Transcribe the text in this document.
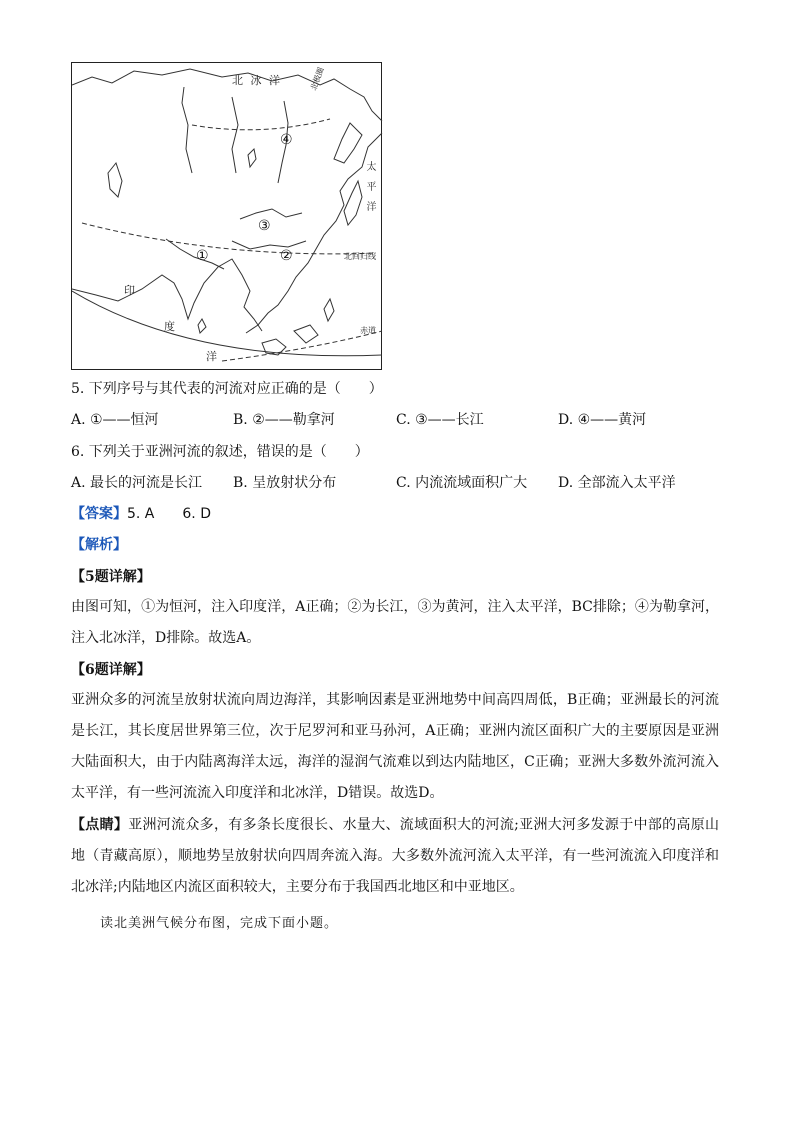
北 冰 洋	北极圈
太平洋
北回归线
印
度
洋
赤道
①	②
③
④
5. 下列序号与其代表的河流对应正确的是（　　）
A. ①——恒河	B. ②——勒拿河	C. ③——长江	D. ④——黄河
6. 下列关于亚洲河流的叙述，错误的是（　　）
A. 最长的河流是长江 B. 呈放射状分布	C. 内流流域面积广大 D. 全部流入太平洋
【答案】5. A　　6. D
【解析】
【5题详解】
由图可知，①为恒河，注入印度洋，A正确；②为长江，③为黄河，注入太平洋，BC排除；④为勒拿河，注入北冰洋，D排除。故选A。
【6题详解】
亚洲众多的河流呈放射状流向周边海洋，其影响因素是亚洲地势中间高四周低，B正确；亚洲最长的河流是长江，其长度居世界第三位，次于尼罗河和亚马孙河，A正确；亚洲内流区面积广大的主要原因是亚洲大陆面积大，由于内陆离海洋太远，海洋的湿润气流难以到达内陆地区，C正确；亚洲大多数外流河流入太平洋，有一些河流流入印度洋和北冰洋，D错误。故选D。
【点睛】亚洲河流众多，有多条长度很长、水量大、流域面积大的河流;亚洲大河多发源于中部的高原山地（青藏高原），顺地势呈放射状向四周奔流入海。大多数外流河流入太平洋，有一些河流流入印度洋和北冰洋;内陆地区内流区面积较大，主要分布于我国西北地区和中亚地区。
读北美洲气候分布图，完成下面小题。
